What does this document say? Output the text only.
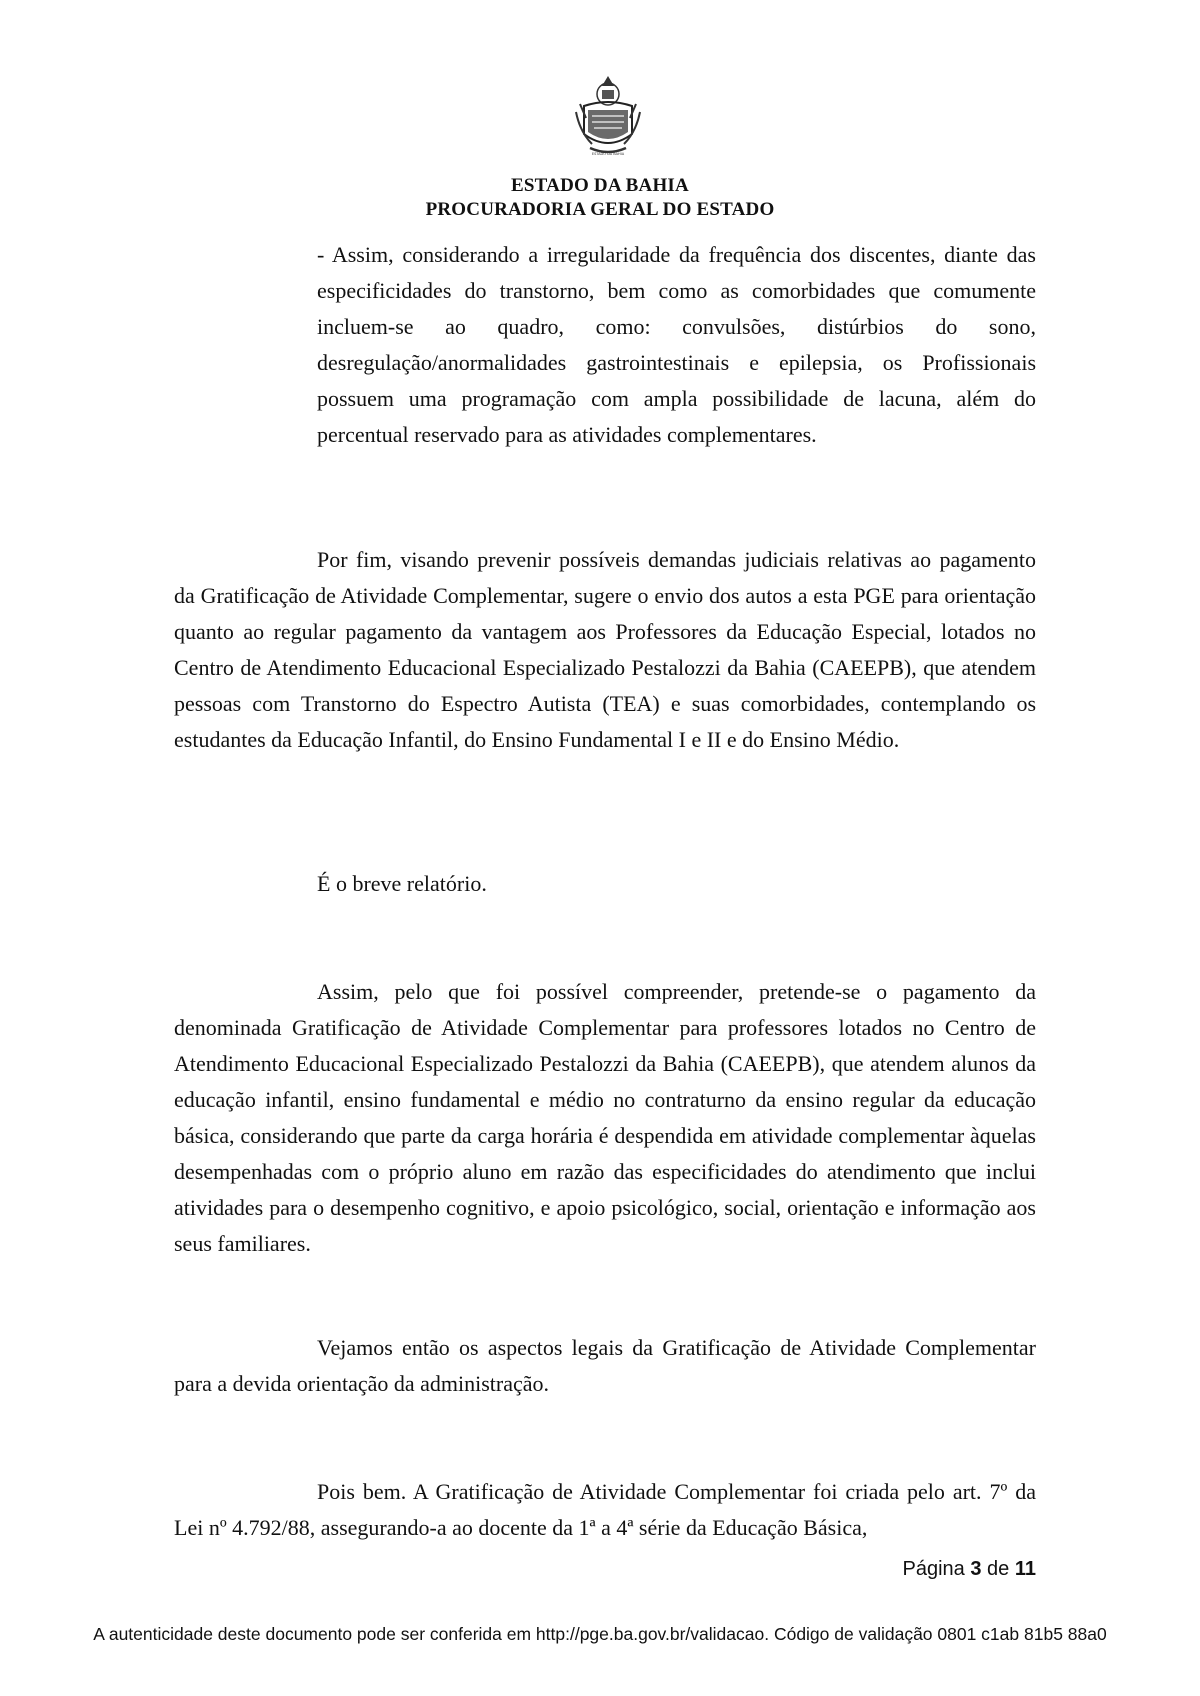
ESTADO DA BAHIA
ESTADO DA BAHIA
PROCURADORIA GERAL DO ESTADO

- Assim, considerando a irregularidade da frequência dos discentes, diante das especificidades do transtorno, bem como as comorbidades que comumente incluem-se ao quadro, como: convulsões, distúrbios do sono, desregulação/anormalidades gastrointestinais e epilepsia, os Profissionais possuem uma programação com ampla possibilidade de lacuna, além do percentual reservado para as atividades complementares.

Por fim, visando prevenir possíveis demandas judiciais relativas ao pagamento da Gratificação de Atividade Complementar, sugere o envio dos autos a esta PGE para orientação quanto ao regular pagamento da vantagem aos Professores da Educação Especial, lotados no Centro de Atendimento Educacional Especializado Pestalozzi da Bahia (CAEEPB), que atendem pessoas com Transtorno do Espectro Autista (TEA) e suas comorbidades, contemplando os estudantes da Educação Infantil, do Ensino Fundamental I e II e do Ensino Médio.

É o breve relatório.

Assim, pelo que foi possível compreender, pretende-se o pagamento da denominada Gratificação de Atividade Complementar para professores lotados no Centro de Atendimento Educacional Especializado Pestalozzi da Bahia (CAEEPB), que atendem alunos da educação infantil, ensino fundamental e médio no contraturno da ensino regular da educação básica, considerando que parte da carga horária é despendida em atividade complementar àquelas desempenhadas com o próprio aluno em razão das especificidades do atendimento que inclui atividades para o desempenho cognitivo, e apoio psicológico, social, orientação e informação aos seus familiares.

Vejamos então os aspectos legais da Gratificação de Atividade Complementar para a devida orientação da administração.

Pois bem. A Gratificação de Atividade Complementar foi criada pelo art. 7º da Lei nº 4.792/88, assegurando-a ao docente da 1ª a 4ª série da Educação Básica,

Página 3 de 11
A autenticidade deste documento pode ser conferida em http://pge.ba.gov.br/validacao. Código de validação 0801 c1ab 81b5 88a0
